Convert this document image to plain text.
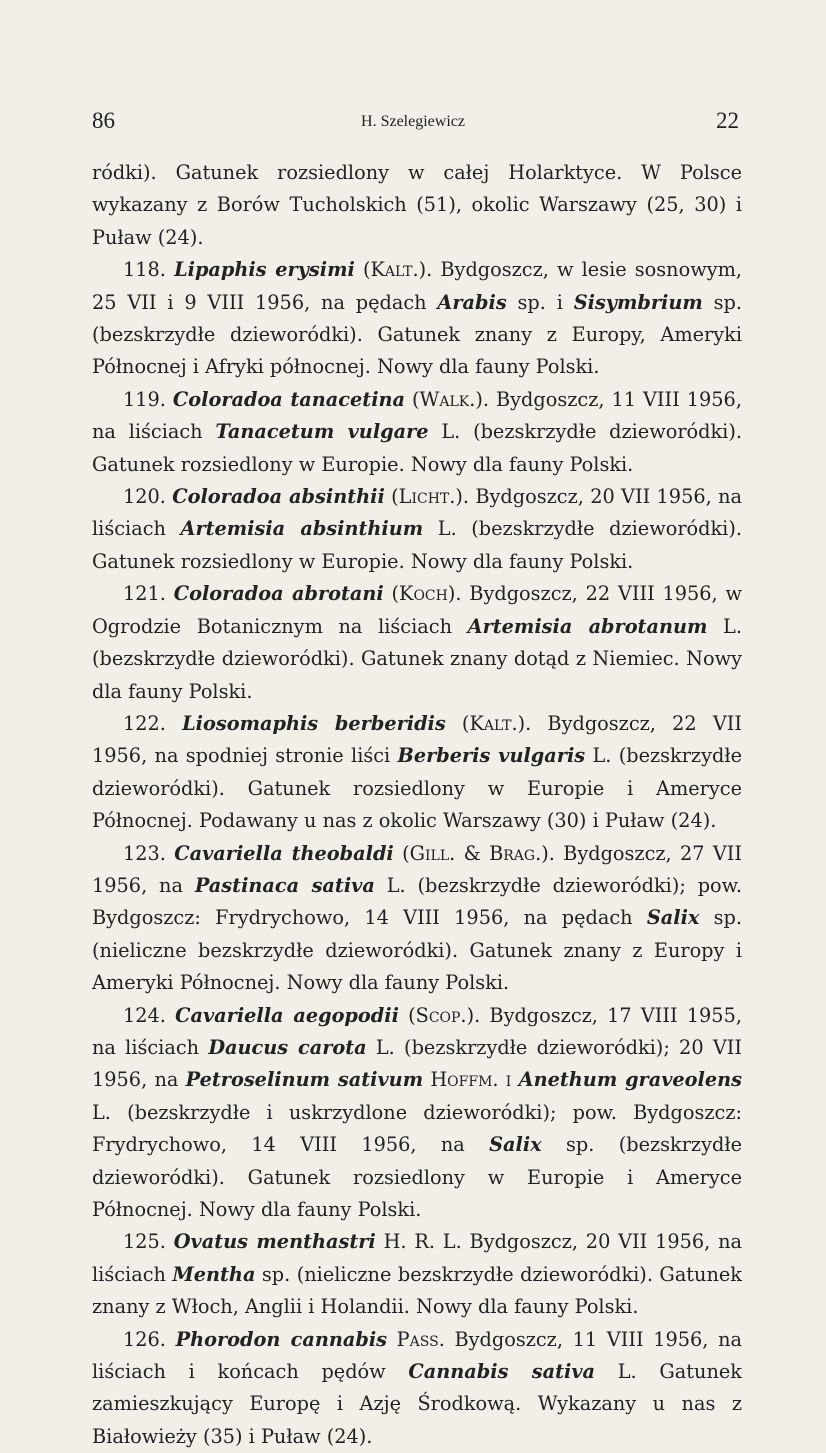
86	H. Szelegiewicz	22

ródki). Gatunek rozsiedlony w całej Holarktyce. W Polsce wykazany z Borów Tucholskich (51), okolic Warszawy (25, 30) i Puław (24).

118. Lipaphis erysimi (Kalt.). Bydgoszcz, w lesie sosnowym, 25 VII i 9 VIII 1956, na pędach Arabis sp. i Sisymbrium sp. (bezskrzydłe dzieworódki). Gatunek znany z Europy, Ameryki Północnej i Afryki północnej. Nowy dla fauny Polski.

119. Coloradoa tanacetina (Walk.). Bydgoszcz, 11 VIII 1956, na liściach Tanacetum vulgare L. (bezskrzydłe dzieworódki). Gatunek rozsiedlony w Europie. Nowy dla fauny Polski.

120. Coloradoa absinthii (Licht.). Bydgoszcz, 20 VII 1956, na liściach Artemisia absinthium L. (bezskrzydłe dzieworódki). Gatunek rozsiedlony w Europie. Nowy dla fauny Polski.

121. Coloradoa abrotani (Koch). Bydgoszcz, 22 VIII 1956, w Ogrodzie Botanicznym na liściach Artemisia abrotanum L. (bezskrzydłe dzieworódki). Gatunek znany dotąd z Niemiec. Nowy dla fauny Polski.

122. Liosomaphis berberidis (Kalt.). Bydgoszcz, 22 VII 1956, na spodniej stronie liści Berberis vulgaris L. (bezskrzydłe dzieworódki). Gatunek rozsiedlony w Europie i Ameryce Północnej. Podawany u nas z okolic Warszawy (30) i Puław (24).

123. Cavariella theobaldi (Gill. & Brag.). Bydgoszcz, 27 VII 1956, na Pastinaca sativa L. (bezskrzydłe dzieworódki); pow. Bydgoszcz: Frydrychowo, 14 VIII 1956, na pędach Salix sp. (nieliczne bezskrzydłe dzieworódki). Gatunek znany z Europy i Ameryki Północnej. Nowy dla fauny Polski.

124. Cavariella aegopodii (Scop.). Bydgoszcz, 17 VIII 1955, na liściach Daucus carota L. (bezskrzydłe dzieworódki); 20 VII 1956, na Petroselinum sativum Hoffm. i Anethum graveolens L. (bezskrzydłe i uskrzydlone dzieworódki); pow. Bydgoszcz: Frydrychowo, 14 VIII 1956, na Salix sp. (bezskrzydłe dzieworódki). Gatunek rozsiedlony w Europie i Ameryce Północnej. Nowy dla fauny Polski.

125. Ovatus menthastri H. R. L. Bydgoszcz, 20 VII 1956, na liściach Mentha sp. (nieliczne bezskrzydłe dzieworódki). Gatunek znany z Włoch, Anglii i Holandii. Nowy dla fauny Polski.

126. Phorodon cannabis Pass. Bydgoszcz, 11 VIII 1956, na liściach i końcach pędów Cannabis sativa L. Gatunek zamieszkujący Europę i Azję Środkową. Wykazany u nas z Białowieży (35) i Puław (24).
